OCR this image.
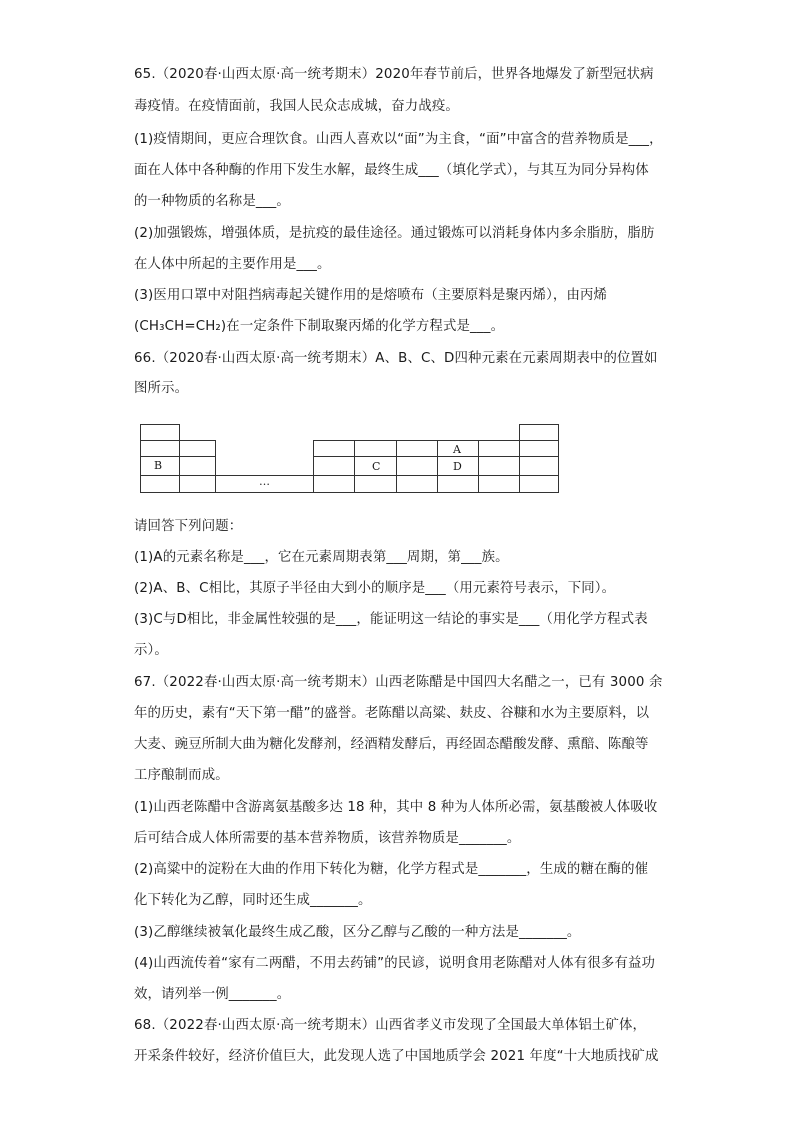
65.（2020春·山西太原·高一统考期末）2020年春节前后，世界各地爆发了新型冠状病
毒疫情。在疫情面前，我国人民众志成城，奋力战疫。
(1)疫情期间，更应合理饮食。山西人喜欢以“面”为主食，“面”中富含的营养物质是___，
面在人体中各种酶的作用下发生水解，最终生成___（填化学式），与其互为同分异构体
的一种物质的名称是___。
(2)加强锻炼，增强体质，是抗疫的最佳途径。通过锻炼可以消耗身体内多余脂肪，脂肪
在人体中所起的主要作用是___。
(3)医用口罩中对阻挡病毒起关键作用的是熔喷布（主要原料是聚丙烯），由丙烯
(CH₃CH=CH₂)在一定条件下制取聚丙烯的化学方程式是___。
66.（2020春·山西太原·高一统考期末）A、B、C、D四种元素在元素周期表中的位置如
图所示。
B	C
A
D
…
请回答下列问题：
(1)A的元素名称是___，它在元素周期表第___周期，第___族。
(2)A、B、C相比，其原子半径由大到小的顺序是___（用元素符号表示，下同）。
(3)C与D相比，非金属性较强的是___，能证明这一结论的事实是___（用化学方程式表
示）。
67.（2022春·山西太原·高一统考期末）山西老陈醋是中国四大名醋之一，已有 3000 余
年的历史，素有“天下第一醋”的盛誉。老陈醋以高粱、麸皮、谷糠和水为主要原料，以
大麦、豌豆所制大曲为糖化发酵剂，经酒精发酵后，再经固态醋酸发酵、熏醅、陈酿等
工序酿制而成。
(1)山西老陈醋中含游离氨基酸多达 18 种，其中 8 种为人体所必需，氨基酸被人体吸收
后可结合成人体所需要的基本营养物质，该营养物质是_______。
(2)高粱中的淀粉在大曲的作用下转化为糖，化学方程式是_______，生成的糖在酶的催
化下转化为乙醇，同时还生成_______。
(3)乙醇继续被氧化最终生成乙酸，区分乙醇与乙酸的一种方法是_______。
(4)山西流传着“家有二两醋，不用去药铺”的民谚，说明食用老陈醋对人体有很多有益功
效，请列举一例_______。
68.（2022春·山西太原·高一统考期末）山西省孝义市发现了全国最大单体铝土矿体，
开采条件较好，经济价值巨大，此发现人选了中国地质学会 2021 年度“十大地质找矿成
